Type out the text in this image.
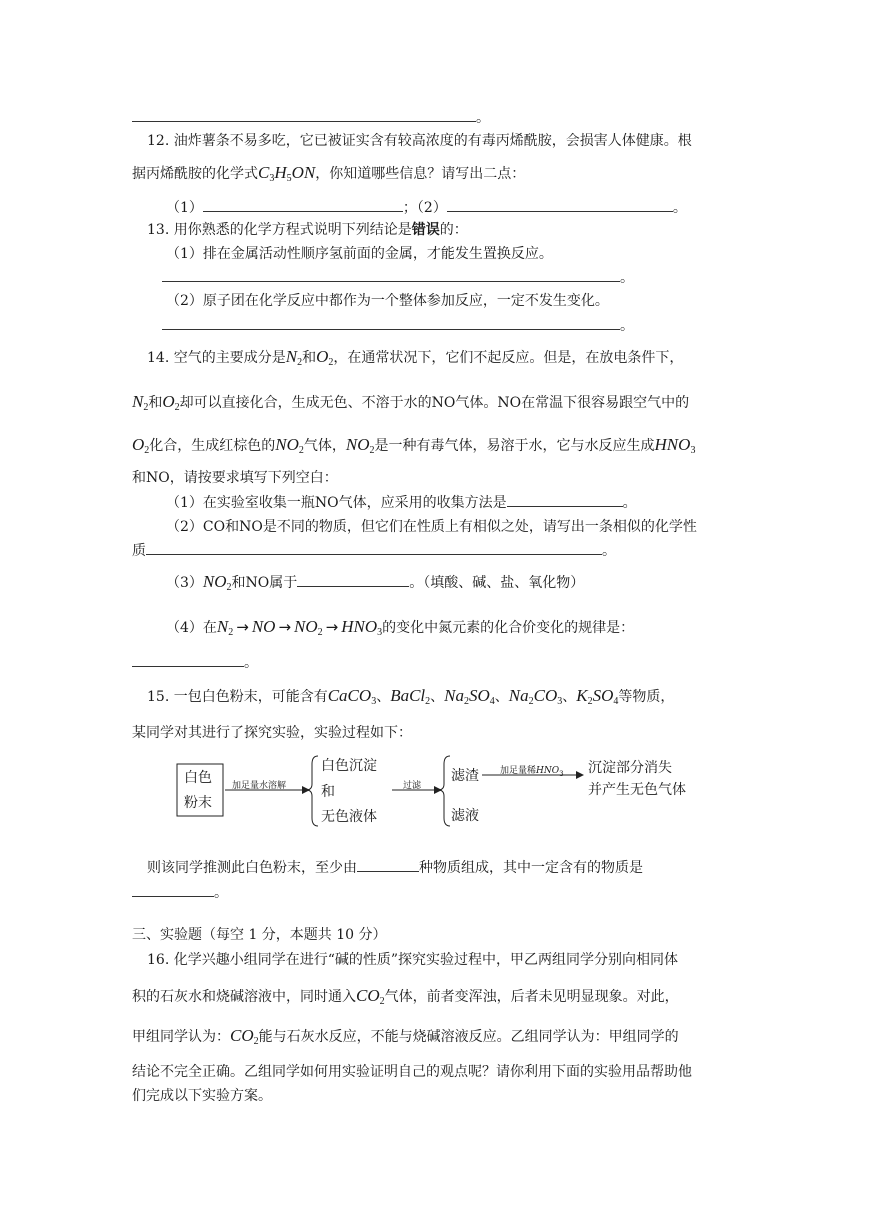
。
12. 油炸薯条不易多吃，它已被证实含有较高浓度的有毒丙烯酰胺，会损害人体健康。根
据丙烯酰胺的化学式$C_3H_5ON$，你知道哪些信息？请写出二点：
（1）	；（2）	。
13. 用你熟悉的化学方程式说明下列结论是错误的：
（1）排在金属活动性顺序氢前面的金属，才能发生置换反应。
。
（2）原子团在化学反应中都作为一个整体参加反应，一定不发生变化。
。
14. 空气的主要成分是$N_2$和$O_2$，在通常状况下，它们不起反应。但是，在放电条件下，
$N_2$和$O_2$却可以直接化合，生成无色、不溶于水的NO气体。NO在常温下很容易跟空气中的
$O_2$化合，生成红棕色的$NO_2$气体，$NO_2$是一种有毒气体，易溶于水，它与水反应生成$HNO_3$
和NO，请按要求填写下列空白：
（1）在实验室收集一瓶NO气体，应采用的收集方法是	。
（2）CO和NO是不同的物质，但它们在性质上有相似之处，请写出一条相似的化学性
质	。
$(3)NO_2$和NO属于	。（填酸、碱、盐、氧化物）
（4）在$N_2$ → NO → $NO_2 \to HNO_3$的变化中氮元素的化合价变化的规律是：
。
15. 一包白色粉末，可能含有CaCO$_3$、BaCl$_2$、$Na_2SO_4$、$Na_2CO_3$、$K_2SO_4$等物质，
某同学对其进行了探究实验，实验过程如下：
白色
粉末
加足量水溶解
白色沉淀
和
无色液体
过滤
滤渣
滤液
加足量稀$HNO_3$ 沉淀部分消失
并产生无色气体
则该同学推测此白色粉末，至少由	种物质组成，其中一定含有的物质是
。
三、实验题（每空 1 分，本题共 10 分）
16. 化学兴趣小组同学在进行“碱的性质”探究实验过程中，甲乙两组同学分别向相同体
积的石灰水和烧碱溶液中，同时通入$CO_2$气体，前者变浑浊，后者未见明显现象。对此，
甲组同学认为：$CO_2$能与石灰水反应，不能与烧碱溶液反应。乙组同学认为：甲组同学的
结论不完全正确。乙组同学如何用实验证明自己的观点呢？请你利用下面的实验用品帮助他
们完成以下实验方案。
